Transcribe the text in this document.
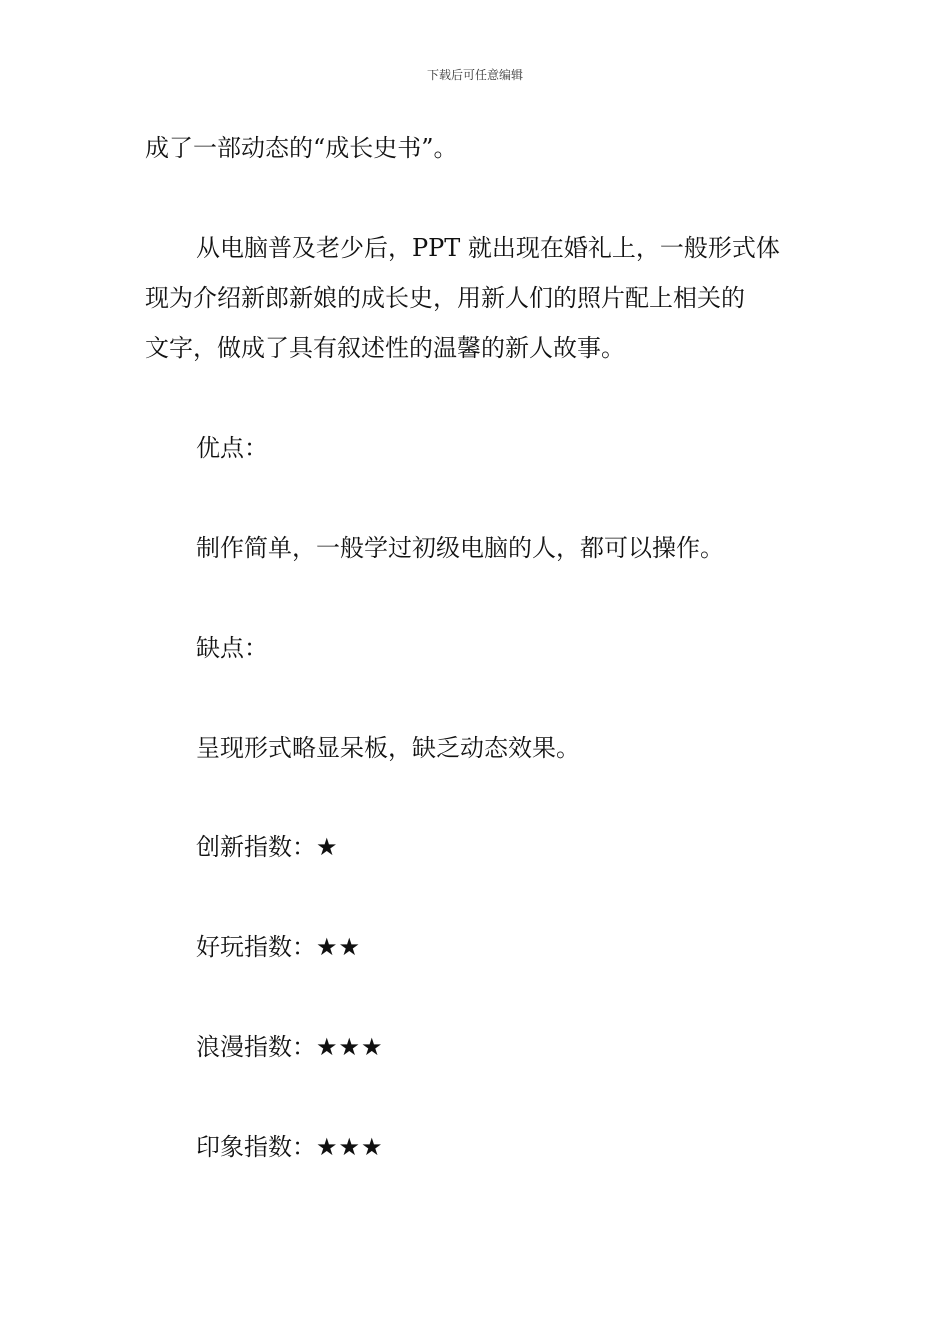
下载后可任意编辑
成了一部动态的“成长史书”。
从电脑普及老少后，PPT 就出现在婚礼上，一般形式体
现为介绍新郎新娘的成长史，用新人们的照片配上相关的
文字，做成了具有叙述性的温馨的新人故事。
优点：
制作简单，一般学过初级电脑的人，都可以操作。
缺点：
呈现形式略显呆板，缺乏动态效果。
创新指数：★
好玩指数：★★
浪漫指数：★★★
印象指数：★★★
